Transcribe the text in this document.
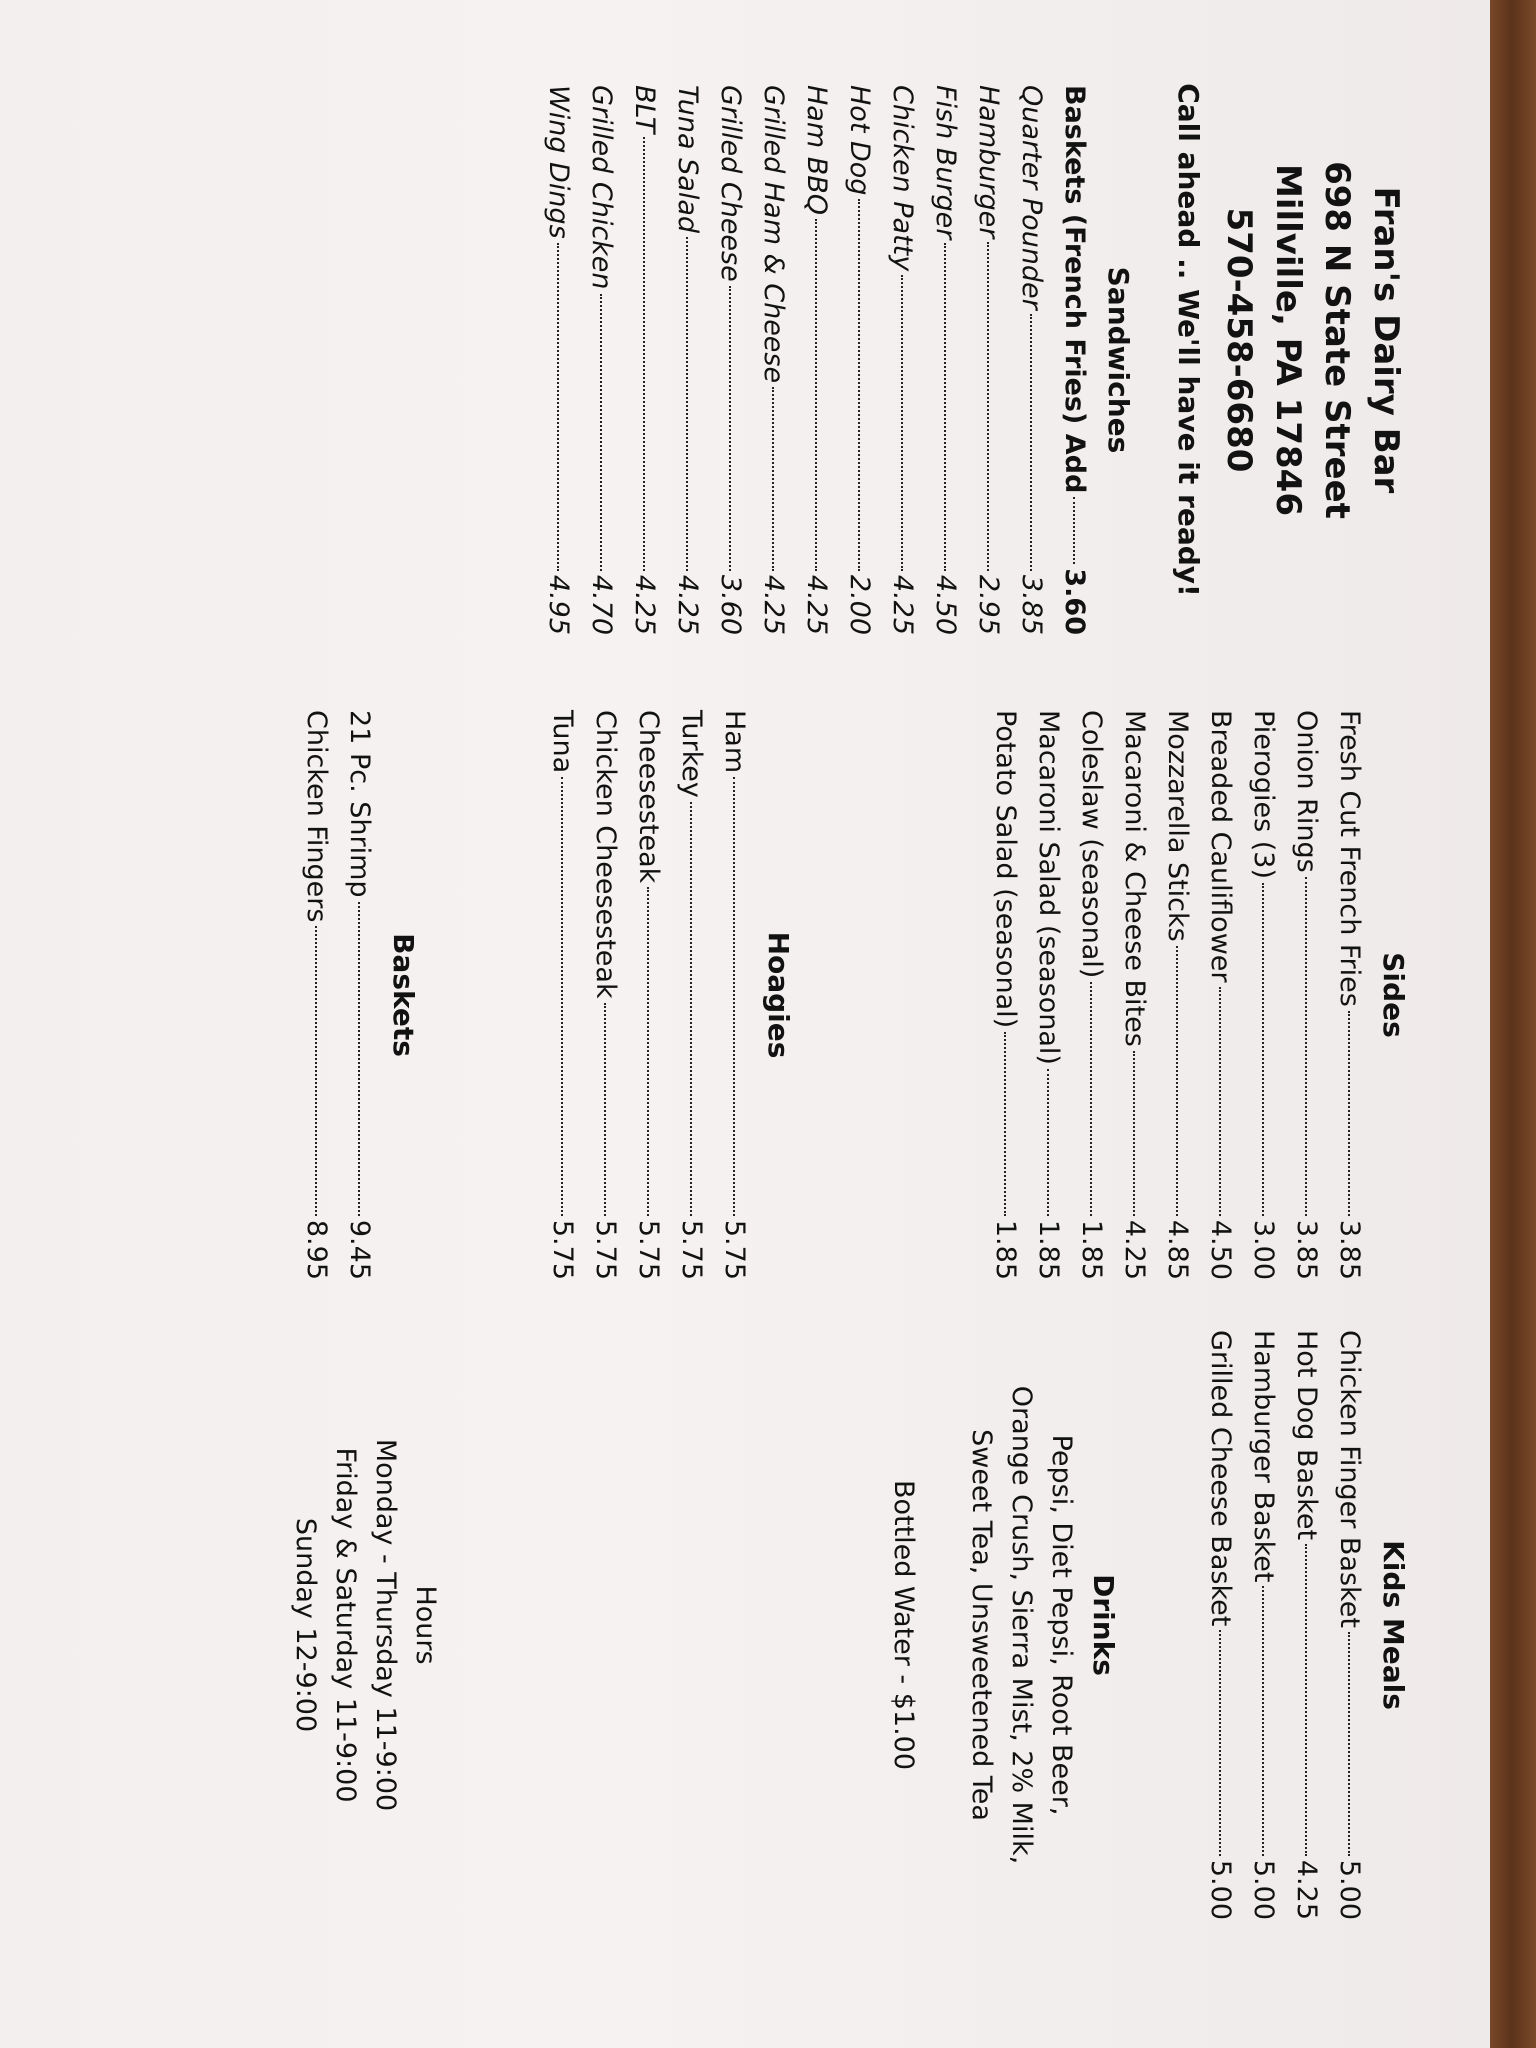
Fran's Dairy Bar
698 N State Street
Millville, PA 17846
570-458-6680
Call ahead .. We'll have it ready!
Sandwiches
Baskets (French Fries) Add
3.60
Quarter Pounder
3.85
Hamburger
2.95
Fish Burger
4.50
Chicken Patty
4.25
Hot Dog
2.00
Ham BBQ
4.25
Grilled Ham & Cheese
4.25
Grilled Cheese
3.60
Tuna Salad
4.25
BLT
4.25
Grilled Chicken
4.70
Wing Dings
4.95
Sides
Fresh Cut French Fries
3.85
Onion Rings
3.85
Pierogies (3)
3.00
Breaded Cauliflower
4.50
Mozzarella Sticks
4.85
Macaroni & Cheese Bites
4.25
Coleslaw (seasonal)
1.85
Macaroni Salad (seasonal)
1.85
Potato Salad (seasonal)
1.85
Hoagies
Ham
5.75
Turkey
5.75
Cheesesteak
5.75
Chicken Cheesesteak
5.75
Tuna
5.75
Baskets
21 Pc. Shrimp
9.45
Chicken Fingers
8.95
Kids Meals
Chicken Finger Basket
5.00
Hot Dog Basket
4.25
Hamburger Basket
5.00
Grilled Cheese Basket
5.00
Drinks
Pepsi, Diet Pepsi, Root Beer,
Orange Crush, Sierra Mist, 2% Milk,
Sweet Tea, Unsweetened Tea
Bottled Water - $1.00
Hours
Monday - Thursday 11-9:00
Friday & Saturday 11-9:00
Sunday 12-9:00
